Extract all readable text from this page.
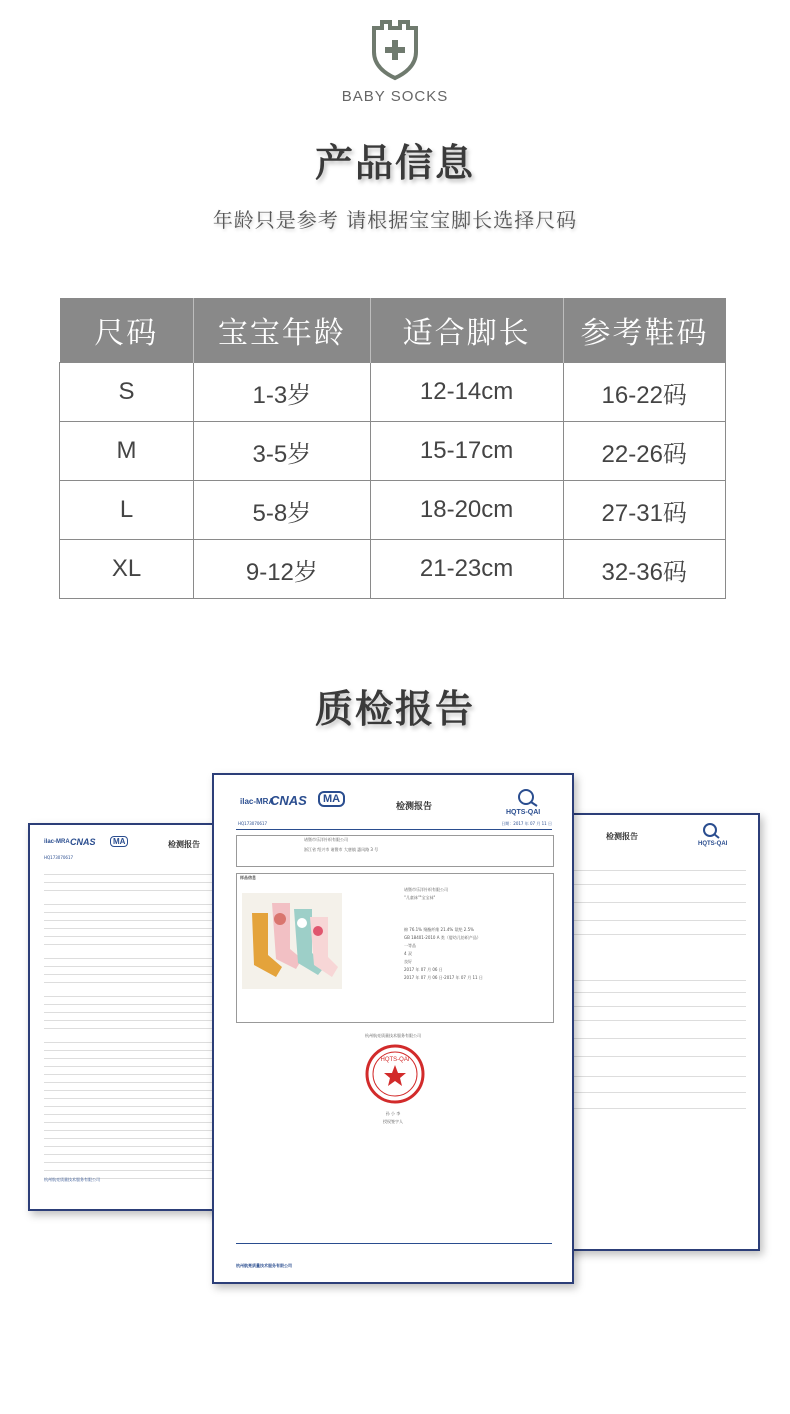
BABY SOCKS
产品信息
年龄只是参考 请根据宝宝脚长选择尺码
尺码	宝宝年龄	适合脚长	参考鞋码
S	1-3岁	12-14cm	16-22码
M	3-5岁	15-17cm	22-26码
L	5-8岁	18-20cm	27-31码
XL	9-12岁	21-23cm	32-36码
质检报告
ilac-MRA CNAS	MA	检测报告
HQ173070617
杭州航亮质量技术服务有限公司
检测报告
HQTS-QAI
ilac-MRA
CNAS	MA
检测报告
HQTS-QAI
HQ173070617	日期：2017 年 07 月 11 日
诸暨市乐洋针织有限公司
浙江省 绍兴市 诸暨市 大唐镇 惠风路 3 号
样品信息
诸暨市乐洋针织有限公司
"儿童袜""宝宝袜"
棉 76.1% 聚酯纤维 21.4% 氨纶 2.5%
GB 18401-2010 A 类（婴幼儿纺织产品）
一等品
4 双
良好
2017 年 07 月 06 日
2017 年 07 月 06 日-2017 年 07 月 11 日
杭州航亮质量技术服务有限公司
HQTS-QAI
孙 小 李
授权签字人
杭州航亮质量技术服务有限公司
